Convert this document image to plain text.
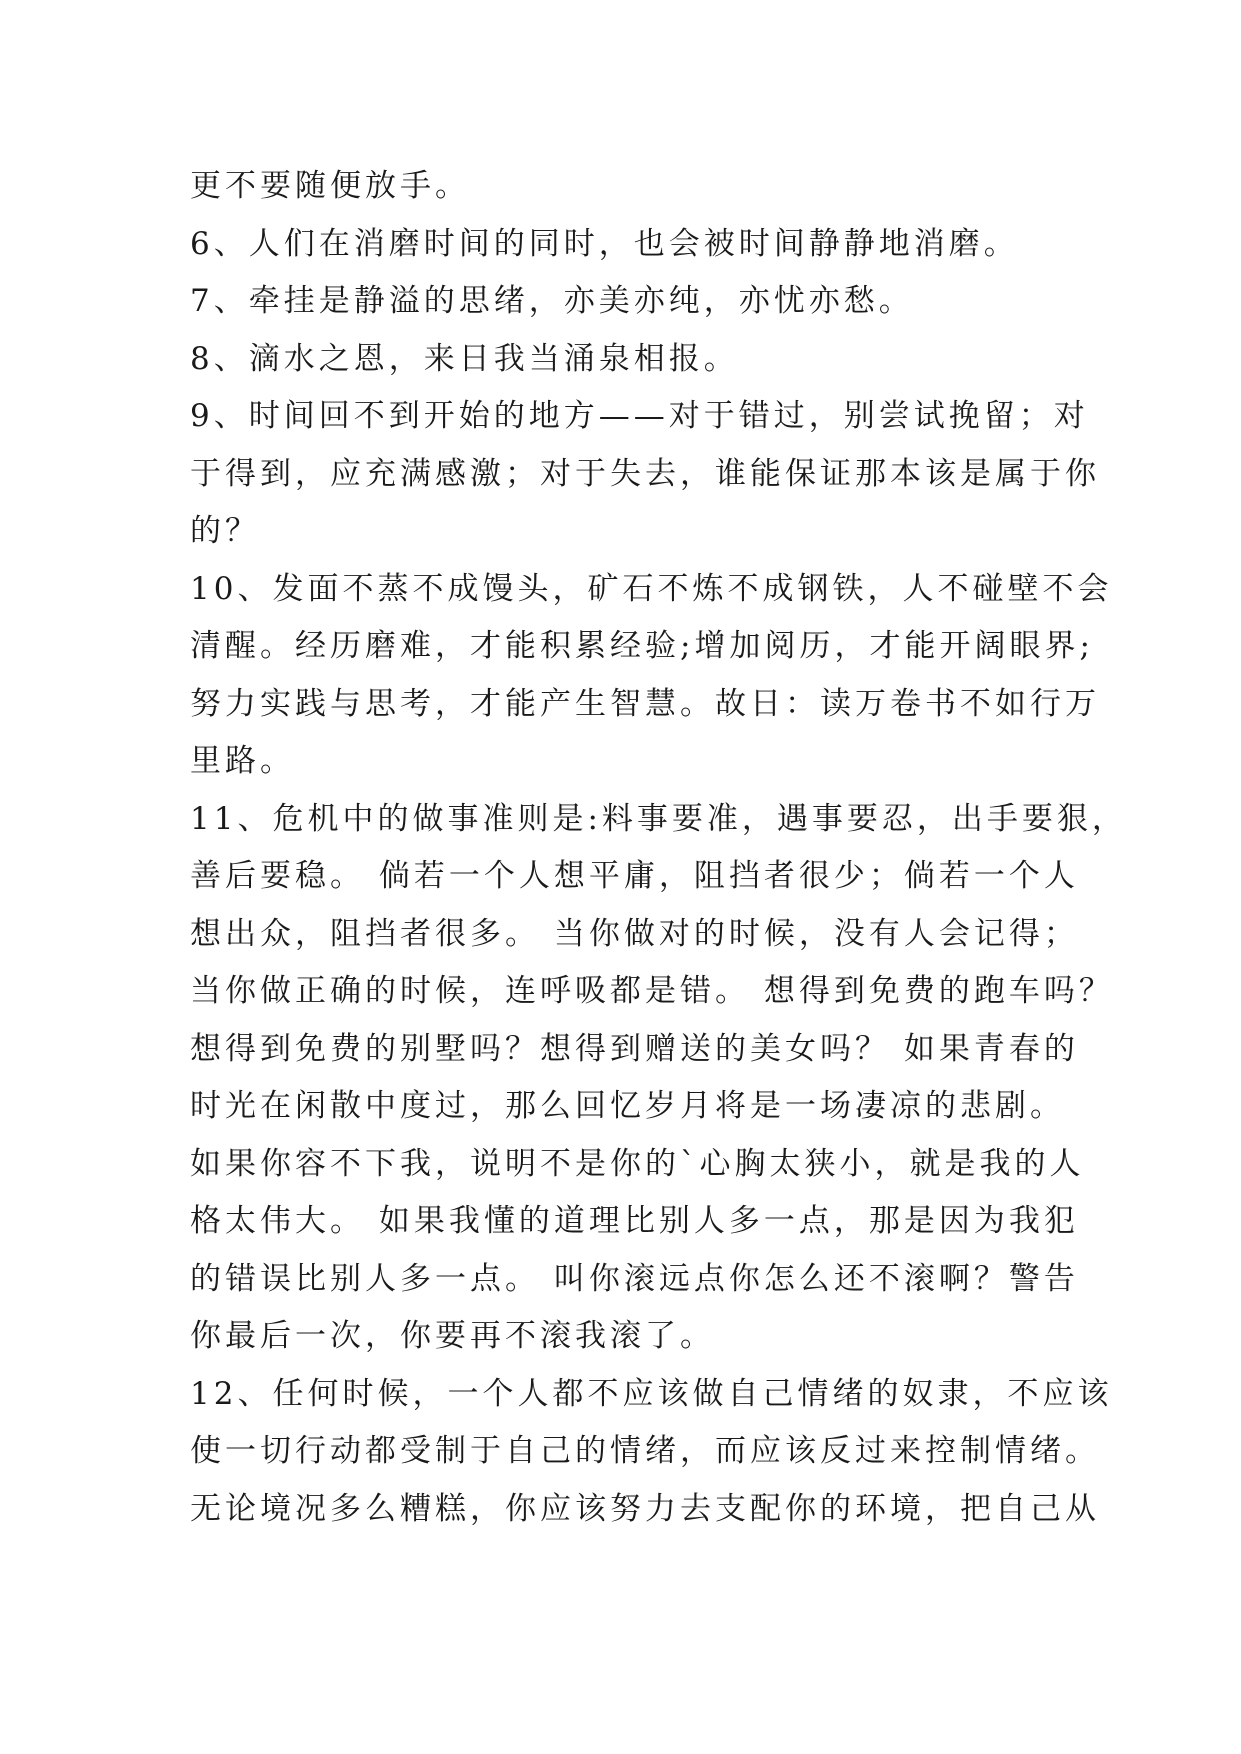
更不要随便放手。
6、人们在消磨时间的同时，也会被时间静静地消磨。
7、牵挂是静溢的思绪，亦美亦纯，亦忧亦愁。
8、滴水之恩，来日我当涌泉相报。
9、时间回不到开始的地方——对于错过，别尝试挽留；对
于得到，应充满感激；对于失去，谁能保证那本该是属于你
的？
10、发面不蒸不成馒头，矿石不炼不成钢铁，人不碰壁不会
清醒。经历磨难，才能积累经验;增加阅历，才能开阔眼界;
努力实践与思考，才能产生智慧。故日：读万卷书不如行万
里路。
11、危机中的做事准则是:料事要准，遇事要忍，出手要狠，
善后要稳。 倘若一个人想平庸，阻挡者很少；倘若一个人
想出众，阻挡者很多。 当你做对的时候，没有人会记得；
当你做正确的时候，连呼吸都是错。 想得到免费的跑车吗？
想得到免费的别墅吗？想得到赠送的美女吗？ 如果青春的
时光在闲散中度过，那么回忆岁月将是一场凄凉的悲剧。
如果你容不下我，说明不是你的`心胸太狭小，就是我的人
格太伟大。 如果我懂的道理比别人多一点，那是因为我犯
的错误比别人多一点。 叫你滚远点你怎么还不滚啊？警告
你最后一次，你要再不滚我滚了。
12、任何时候，一个人都不应该做自己情绪的奴隶，不应该
使一切行动都受制于自己的情绪，而应该反过来控制情绪。
无论境况多么糟糕，你应该努力去支配你的环境，把自己从
